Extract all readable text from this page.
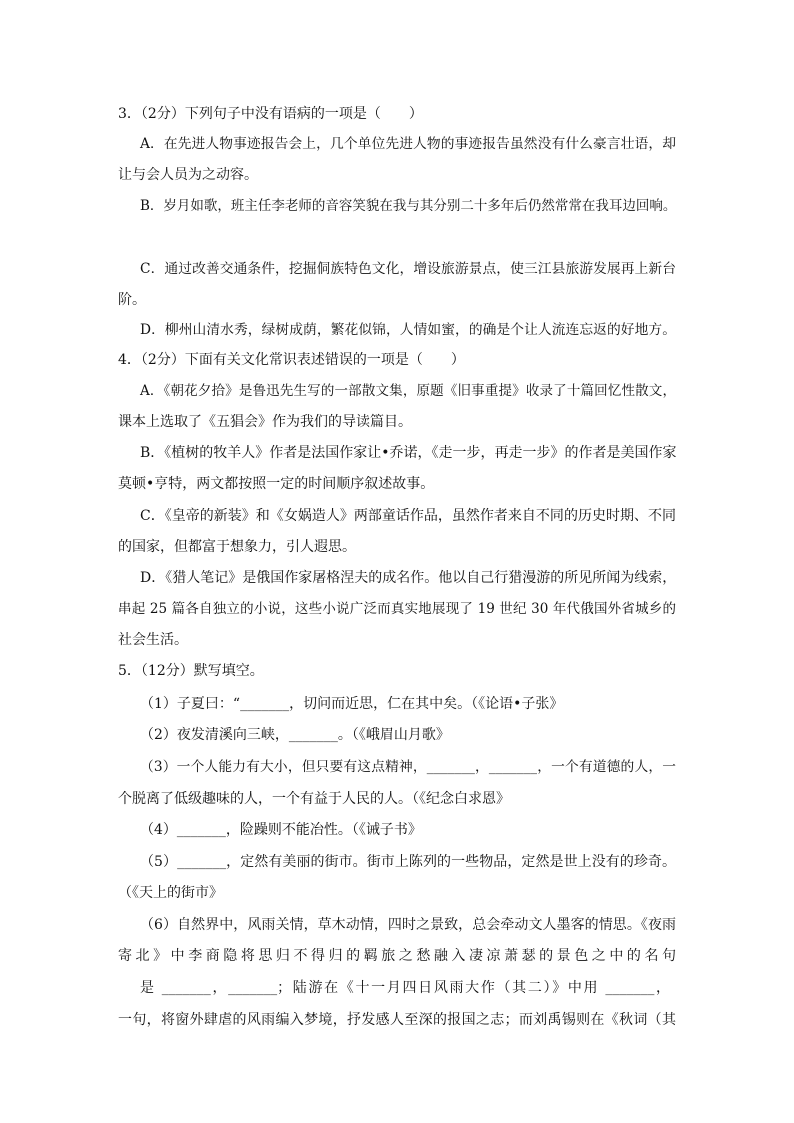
3．（2分）下列句子中没有语病的一项是（　　）
A．在先进人物事迹报告会上，几个单位先进人物的事迹报告虽然没有什么豪言壮语，却
让与会人员为之动容。
B．岁月如歌，班主任李老师的音容笑貌在我与其分别二十多年后仍然常常在我耳边回响。
C．通过改善交通条件，挖掘侗族特色文化，增设旅游景点，使三江县旅游发展再上新台
阶。
D．柳州山清水秀，绿树成荫，繁花似锦，人情如蜜，的确是个让人流连忘返的好地方。
4．（2分）下面有关文化常识表述错误的一项是（　　）
A．《朝花夕拾》是鲁迅先生写的一部散文集，原题《旧事重提》收录了十篇回忆性散文，
课本上选取了《五猖会》作为我们的导读篇目。
B．《植树的牧羊人》作者是法国作家让•乔诺，《走一步，再走一步》的作者是美国作家
莫顿•亨特，两文都按照一定的时间顺序叙述故事。
C．《皇帝的新装》和《女娲造人》两部童话作品，虽然作者来自不同的历史时期、不同
的国家，但都富于想象力，引人遐思。
D．《猎人笔记》是俄国作家屠格涅夫的成名作。他以自己行猎漫游的所见所闻为线索，
串起 25 篇各自独立的小说，这些小说广泛而真实地展现了 19 世纪 30 年代俄国外省城乡的
社会生活。
5．（12分）默写填空。
（1）子夏曰：“_______，切问而近思，仁在其中矣。（《论语•子张》
（2）夜发清溪向三峡，_______。（《峨眉山月歌》
（3）一个人能力有大小，但只要有这点精神，_______，_______，一个有道德的人，一
个脱离了低级趣味的人，一个有益于人民的人。（《纪念白求恩》
（4）_______，险躁则不能冶性。（《诫子书》
（5）_______，定然有美丽的街市。街市上陈列的一些物品，定然是世上没有的珍奇。
（《天上的街市》
（6）自然界中，风雨关情，草木动情，四时之景致，总会牵动文人墨客的情思。《夜雨
寄北》中李商隐将思归不得归的羁旅之愁融入凄凉萧瑟的景色之中的名句
是 _______，_______；陆游在《十一月四日风雨大作（其二）》中用 _______，
一句，将窗外肆虐的风雨编入梦境，抒发感人至深的报国之志；而刘禹锡则在《秋词（其
